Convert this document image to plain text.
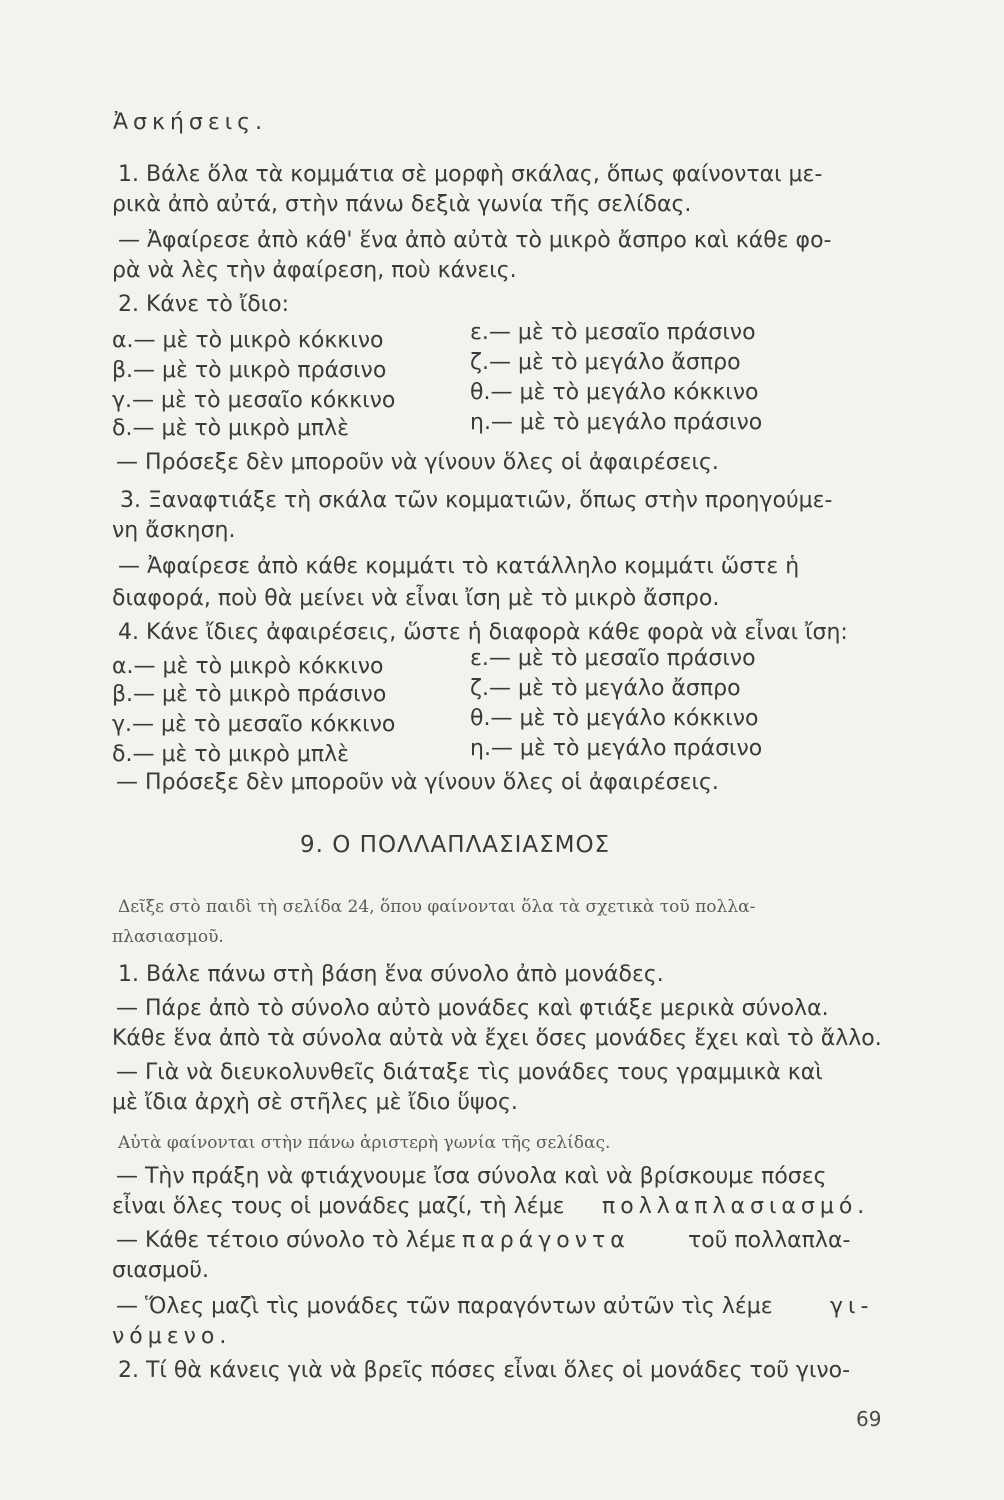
Ἀσκήσεις.
1. Βάλε ὅλα τὰ κομμάτια σὲ μορφὴ σκάλας, ὅπως φαίνονται με-
ρικὰ ἀπὸ αὐτά, στὴν πάνω δεξιὰ γωνία τῆς σελίδας.
— Ἀφαίρεσε ἀπὸ κάθ' ἕνα ἀπὸ αὐτὰ τὸ μικρὸ ἄσπρο καὶ κάθε φο-
ρὰ νὰ λὲς τὴν ἀφαίρεση, ποὺ κάνεις.
2. Κάνε τὸ ἴδιο:
α.— μὲ τὸ μικρὸ κόκκινο
β.— μὲ τὸ μικρὸ πράσινο
γ.— μὲ τὸ μεσαῖο κόκκινο
δ.— μὲ τὸ μικρὸ μπλὲ
ε.— μὲ τὸ μεσαῖο πράσινο
ζ.— μὲ τὸ μεγάλο ἄσπρο
θ.— μὲ τὸ μεγάλο κόκκινο
η.— μὲ τὸ μεγάλο πράσινο
— Πρόσεξε δὲν μποροῦν νὰ γίνουν ὅλες οἱ ἀφαιρέσεις.
3. Ξαναφτιάξε τὴ σκάλα τῶν κομματιῶν, ὅπως στὴν προηγούμε-
νη ἄσκηση.
— Ἀφαίρεσε ἀπὸ κάθε κομμάτι τὸ κατάλληλο κομμάτι ὥστε ἡ
διαφορά, ποὺ θὰ μείνει νὰ εἶναι ἴση μὲ τὸ μικρὸ ἄσπρο.
4. Κάνε ἴδιες ἀφαιρέσεις, ὥστε ἡ διαφορὰ κάθε φορὰ νὰ εἶναι ἴση:
α.— μὲ τὸ μικρὸ κόκκινο
β.— μὲ τὸ μικρὸ πράσινο
γ.— μὲ τὸ μεσαῖο κόκκινο
δ.— μὲ τὸ μικρὸ μπλὲ
ε.— μὲ τὸ μεσαῖο πράσινο
ζ.— μὲ τὸ μεγάλο ἄσπρο
θ.— μὲ τὸ μεγάλο κόκκινο
η.— μὲ τὸ μεγάλο πράσινο
— Πρόσεξε δὲν μποροῦν νὰ γίνουν ὅλες οἱ ἀφαιρέσεις.
9. Ο ΠΟΛΛΑΠΛΑΣΙΑΣΜΟΣ
Δεῖξε στὸ παιδὶ τὴ σελίδα 24, ὅπου φαίνονται ὅλα τὰ σχετικὰ τοῦ πολλα-
πλασιασμοῦ.
1. Βάλε πάνω στὴ βάση ἕνα σύνολο ἀπὸ μονάδες.
— Πάρε ἀπὸ τὸ σύνολο αὐτὸ μονάδες καὶ φτιάξε μερικὰ σύνολα.
Κάθε ἕνα ἀπὸ τὰ σύνολα αὐτὰ νὰ ἔχει ὅσες μονάδες ἔχει καὶ τὸ ἄλλο.
— Γιὰ νὰ διευκολυνθεῖς διάταξε τὶς μονάδες τους γραμμικὰ καὶ
μὲ ἴδια ἀρχὴ σὲ στῆλες μὲ ἴδιο ὕψος.
Αὐτὰ φαίνονται στὴν πάνω ἀριστερὴ γωνία τῆς σελίδας.
— Τὴν πράξη νὰ φτιάχνουμε ἴσα σύνολα καὶ νὰ βρίσκουμε πόσες
εἶναι ὅλες τους οἱ μονάδες μαζί, τὴ λέμε πολλαπλασιασμό.
— Κάθε τέτοιο σύνολο τὸ λέμε παράγοντα	τοῦ πολλαπλα-
σιασμοῦ.
— Ὅλες μαζὶ τὶς μονάδες τῶν παραγόντων αὐτῶν τὶς λέμε	γι-
νόμενο.
2. Τί θὰ κάνεις γιὰ νὰ βρεῖς πόσες εἶναι ὅλες οἱ μονάδες τοῦ γινο-
69
